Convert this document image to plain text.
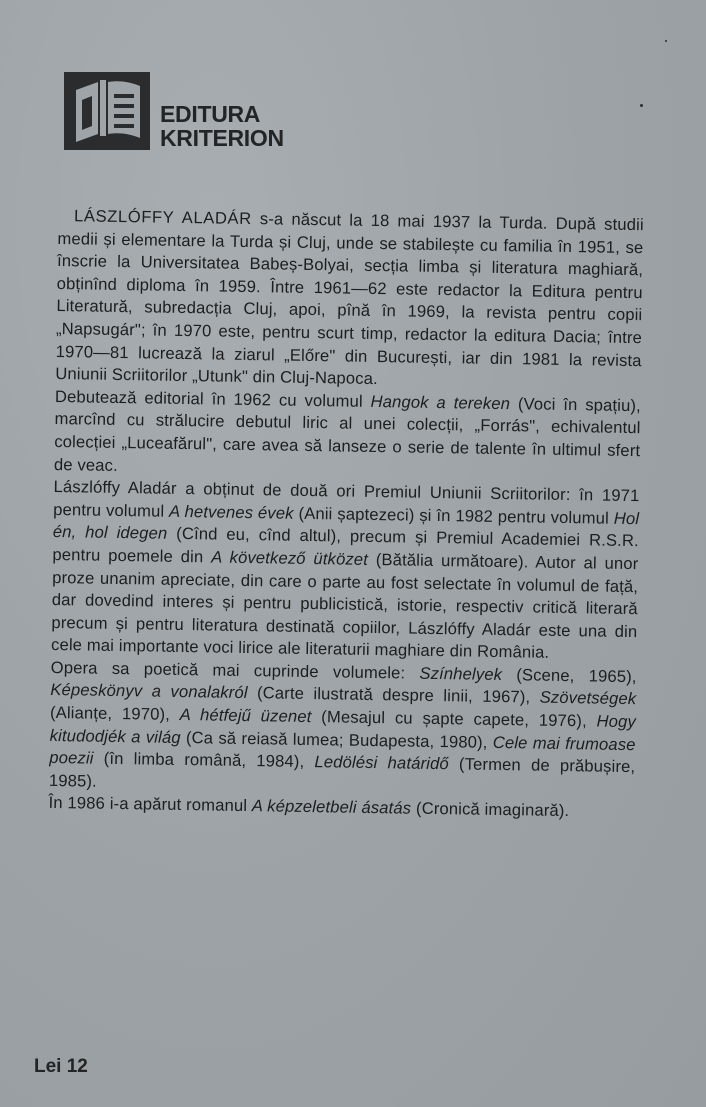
EDITURA
KRITERION
LÁSZLÓFFY ALADÁR s-a născut la 18 mai 1937 la Turda. După studii medii și elementare la Turda și Cluj, unde se stabilește cu familia în 1951, se înscrie la Universitatea Babeș-Bolyai, secția limba și literatura maghiară, obținînd diploma în 1959. Între 1961—62 este redactor la Editura pentru Literatură, subredacția Cluj, apoi, pînă în 1969, la revista pentru copii „Napsugár"; în 1970 este, pentru scurt timp, redactor la editura Dacia; între 1970—81 lucrează la ziarul „Előre" din București, iar din 1981 la revista Uniunii Scriitorilor „Utunk" din Cluj-Napoca.
Debutează editorial în 1962 cu volumul Hangok a tereken (Voci în spațiu), marcînd cu strălucire debutul liric al unei colecții, „Forrás", echivalentul colecției „Luceafărul", care avea să lanseze o serie de talente în ultimul sfert de veac.
Lászlóffy Aladár a obținut de două ori Premiul Uniunii Scriitorilor: în 1971 pentru volumul A hetvenes évek (Anii șaptezeci) și în 1982 pentru volumul Hol én, hol idegen (Cînd eu, cînd altul), precum și Premiul Academiei R.S.R. pentru poemele din A következő ütközet (Bătălia următoare). Autor al unor proze unanim apreciate, din care o parte au fost selectate în volumul de față, dar dovedind interes și pentru publicistică, istorie, respectiv critică literară precum și pentru literatura destinată copiilor, Lászlóffy Aladár este una din cele mai importante voci lirice ale literaturii maghiare din România.
Opera sa poetică mai cuprinde volumele: Színhelyek (Scene, 1965), Képeskönyv a vonalakról (Carte ilustrată despre linii, 1967), Szövetségek (Alianțe, 1970), A hétfejű üzenet (Mesajul cu șapte capete, 1976), Hogy kitudodjék a világ (Ca să reiasă lumea; Budapesta, 1980), Cele mai frumoase poezii (în limba română, 1984), Ledölési határidő (Termen de prăbușire, 1985).
În 1986 i-a apărut romanul A képzeletbeli ásatás (Cronică imaginară).
Lei 12
